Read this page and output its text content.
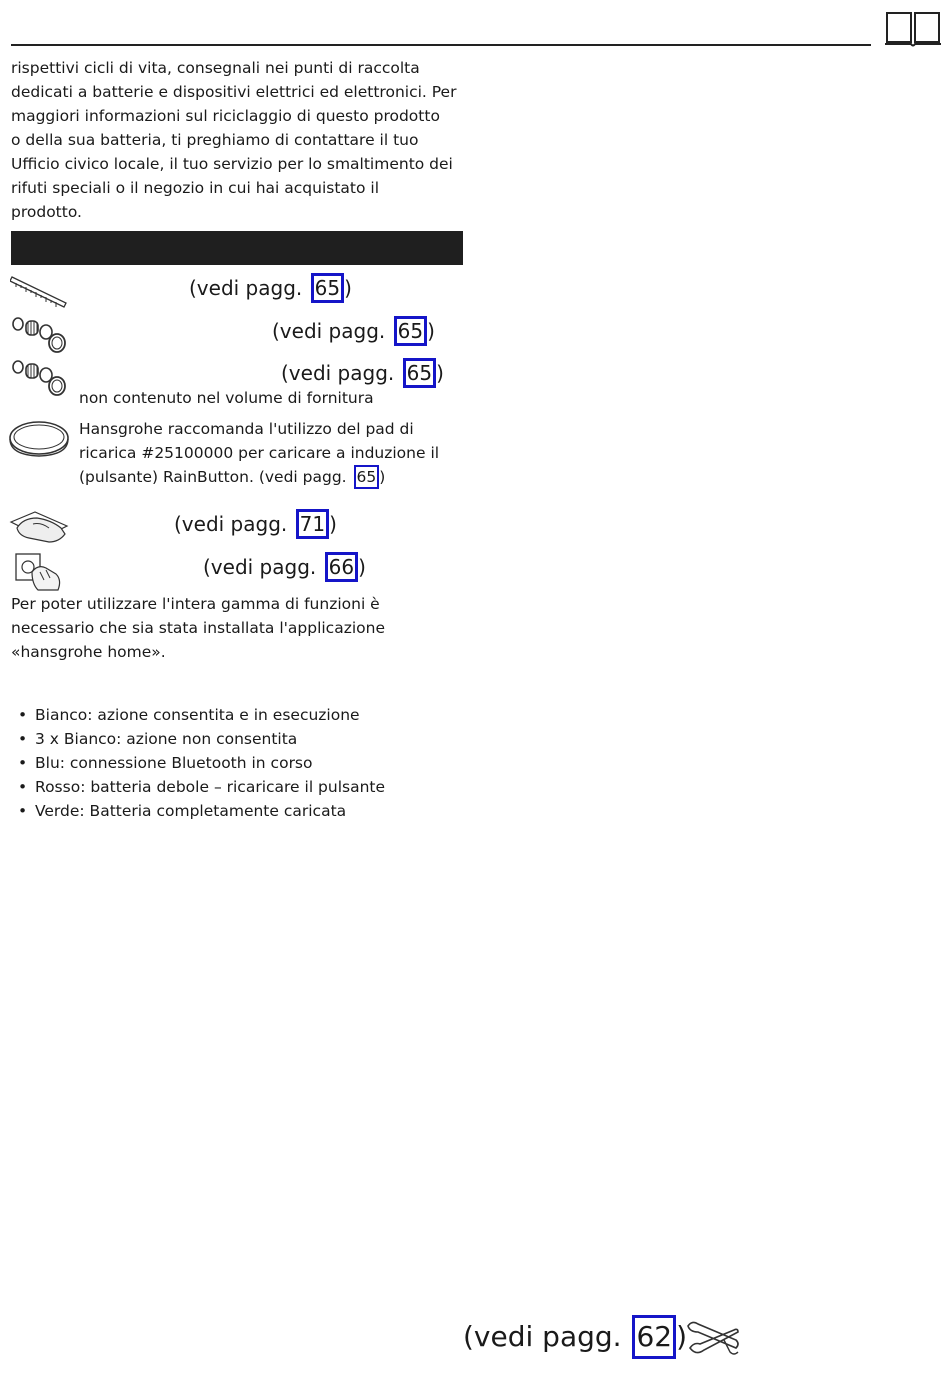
rispettivi cicli di vita, consegnali nei punti di raccolta

dedicati a batterie e dispositivi elettrici ed elettronici. Per

maggiori informazioni sul riciclaggio di questo prodotto

o della sua batteria, ti preghiamo di contattare il tuo

Ufficio civico locale, il tuo servizio per lo smaltimento dei

rifuti speciali o il negozio in cui hai acquistato il

prodotto.

(vedi pagg. 65 )
(vedi pagg. 65 )
(vedi pagg. 65 )
non contenuto nel volume di fornitura
Hansgrohe raccomanda l'utilizzo del pad di
ricarica #25100000 per caricare a induzione il
(pulsante) RainButton. (vedi pagg. 65 )
(vedi pagg. 71 )
(vedi pagg. 66 )

Per poter utilizzare l'intera gamma di funzioni è

necessario che sia stata installata l'applicazione

«hansgrohe home».

• Bianco: azione consentita e in esecuzione
• 3 x Bianco: azione non consentita
• Blu: connessione Bluetooth in corso
• Rosso: batteria debole – ricaricare il pulsante
• Verde: Batteria completamente caricata
(vedi pagg. 62 )
